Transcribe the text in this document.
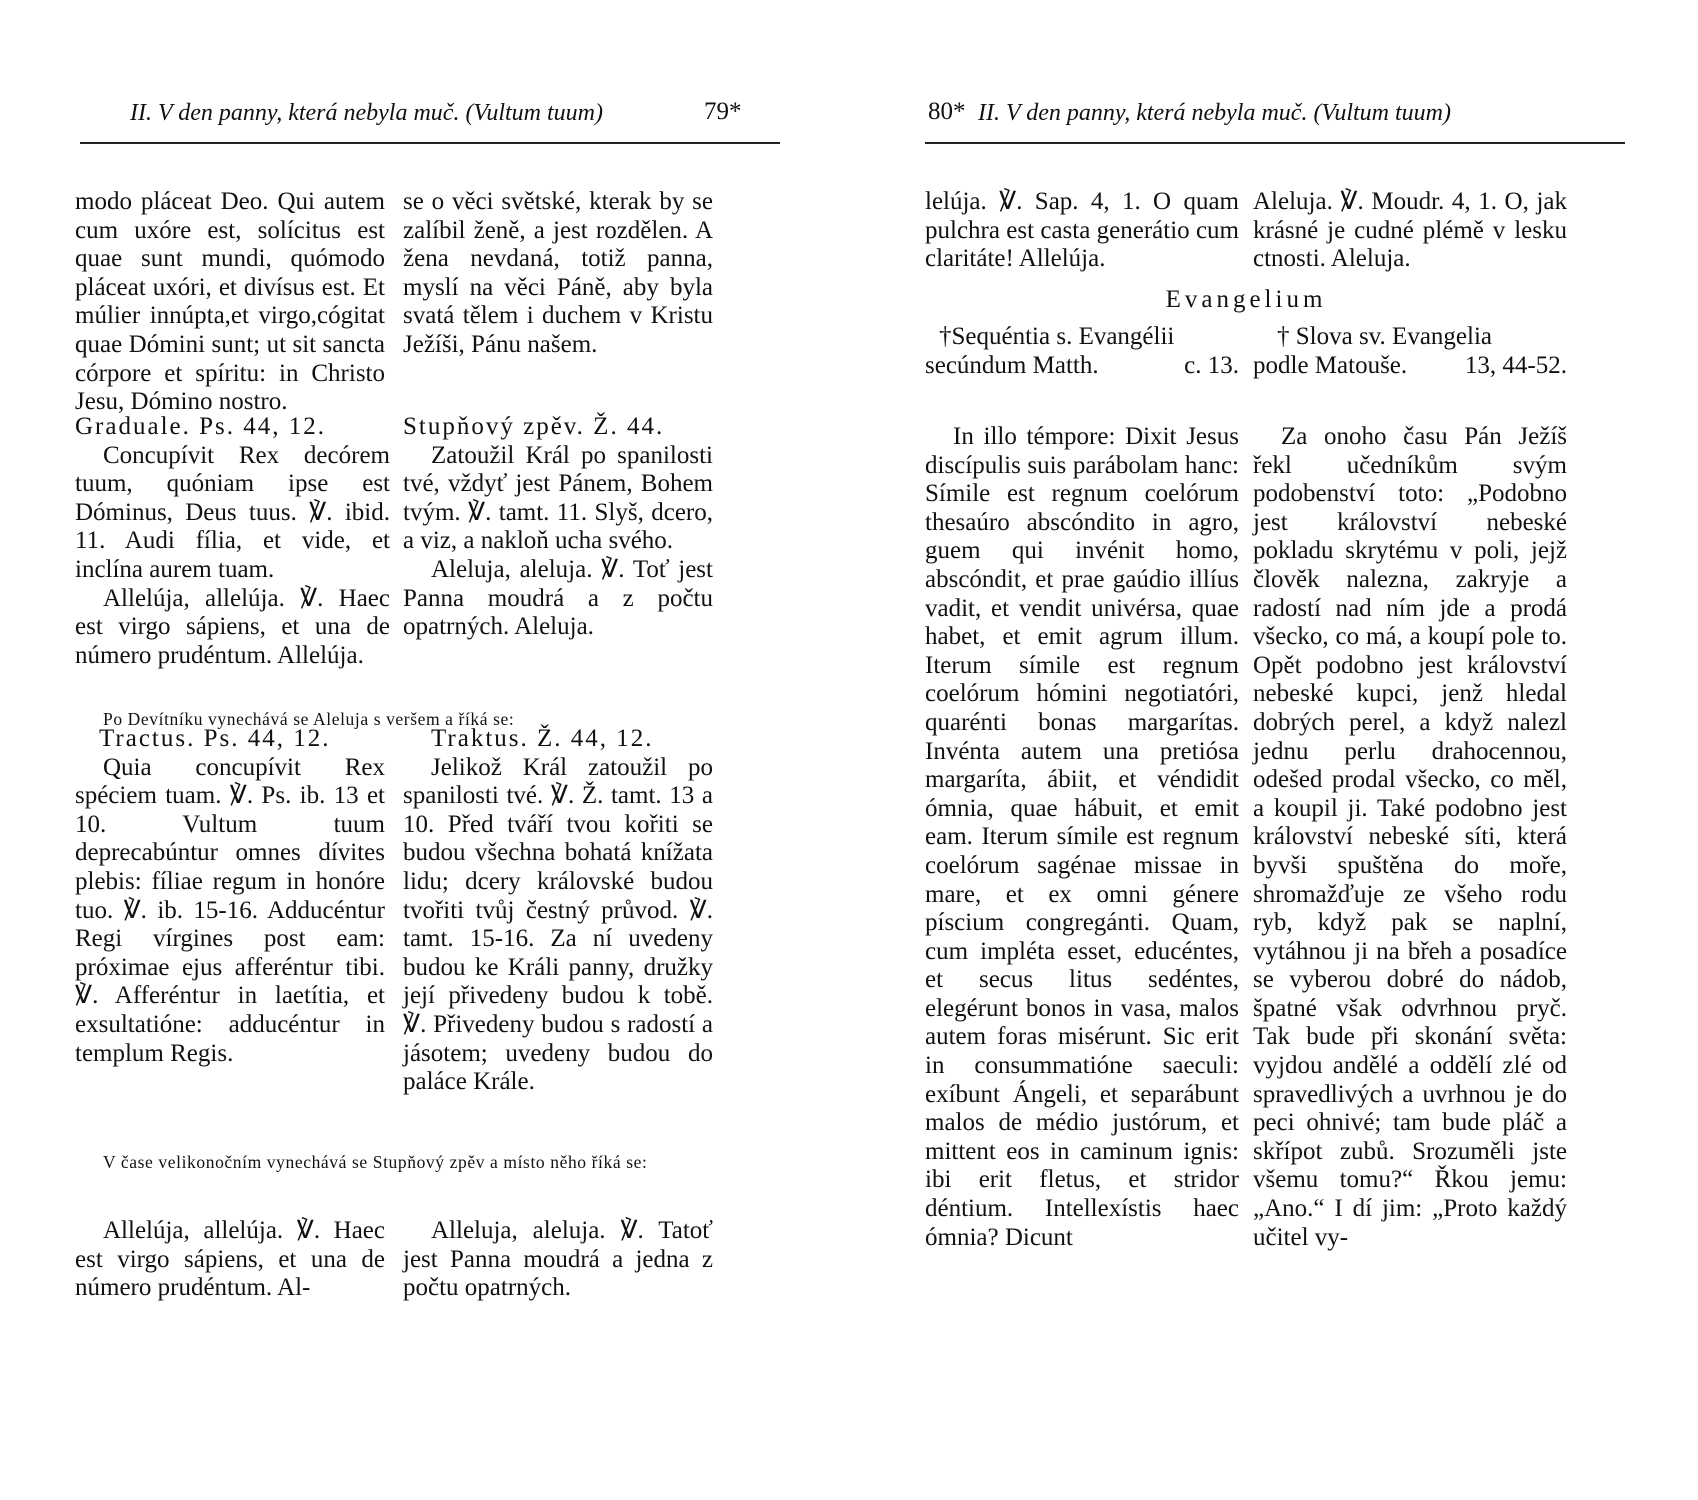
II. V den panny, která nebyla muč. (Vultum tuum)	79*

modo pláceat Deo. Qui autem cum uxóre est, solícitus est quae sunt mundi, quómodo pláceat uxóri, et divísus est. Et múlier innúpta,et virgo,cógitat quae Dómini sunt; ut sit sancta córpore et spíritu: in Christo Jesu, Dómino nostro.

se o věci světské, kterak by se zalíbil ženě, a jest rozdělen. A žena nevdaná, totiž panna, myslí na věci Páně, aby byla svatá tělem i duchem v Kristu Ježíši, Pánu našem.

Graduale. Ps. 44, 12.

Concupívit Rex decórem tuum, quóniam ipse est Dóminus, Deus tuus. ℣. ibid. 11. Audi fília, et vide, et inclína aurem tuam.

Allelúja, allelúja. ℣. Haec est virgo sápiens, et una de número prudéntum. Allelúja.

Stupňový zpěv. Ž. 44.

Zatoužil Král po spanilosti tvé, vždyť jest Pánem, Bohem tvým. ℣. tamt. 11. Slyš, dcero, a viz, a nakloň ucha svého.

Aleluja, aleluja. ℣. Toť jest Panna moudrá a z počtu opatrných. Aleluja.

Po Devítníku vynechává se Aleluja s veršem a říká se:

Tractus. Ps. 44, 12.

Quia concupívit Rex spéciem tuam. ℣. Ps. ib. 13 et 10. Vultum tuum deprecabúntur omnes dívites plebis: fíliae regum in honóre tuo. ℣. ib. 15-16. Adducéntur Regi vírgines post eam: próximae ejus afferéntur tibi. ℣. Afferéntur in laetítia, et exsultatióne: adducéntur in templum Regis.

Traktus. Ž. 44, 12.

Jelikož Král zatoužil po spanilosti tvé. ℣. Ž. tamt. 13 a 10. Před tváří tvou kořiti se budou všechna bohatá knížata lidu; dcery královské budou tvořiti tvůj čestný průvod. ℣. tamt. 15-16. Za ní uvedeny budou ke Králi panny, družky její přivedeny budou k tobě. ℣. Přivedeny budou s radostí a jásotem; uvedeny budou do paláce Krále.

V čase velikonočním vynechává se Stupňový zpěv a místo něho říká se:

Allelúja, allelúja. ℣. Haec est virgo sápiens, et una de número prudéntum. Al-

Alleluja, aleluja. ℣. Tatoť jest Panna moudrá a jedna z počtu opatrných.

80* II. V den panny, která nebyla muč. (Vultum tuum)

lelúja. ℣. Sap. 4, 1. O quam pulchra est casta generátio cum claritáte! Allelúja.

Aleluja. ℣. Moudr. 4, 1. O, jak krásné je cudné plémě v lesku ctnosti. Aleluja.

Evangelium
†Sequéntia s. Evangélii
secúndum Matth.	c. 13.
† Slova sv. Evangelia
podle Matouše. 13, 44-52.

In illo témpore: Dixit Jesus discípulis suis parábolam hanc: Símile est regnum coelórum thesaúro abscóndito in agro, guem qui invénit homo, abscóndit, et prae gaúdio illíus vadit, et vendit univérsa, quae habet, et emit agrum illum. Iterum símile est regnum coelórum hómini negotiatóri, quarénti bonas margarítas. Invénta autem una pretiósa margaríta, ábiit, et véndidit ómnia, quae hábuit, et emit eam. Iterum símile est regnum coelórum sagénae missae in mare, et ex omni génere píscium congregánti. Quam, cum impléta esset, educéntes, et secus litus sedéntes, elegérunt bonos in vasa, malos autem foras misérunt. Sic erit in consummatióne saeculi: exíbunt Ángeli, et separábunt malos de médio justórum, et mittent eos in caminum ignis: ibi erit fletus, et stridor déntium. Intellexístis haec ómnia? Dicunt

Za onoho času Pán Ježíš řekl učedníkům svým podobenství toto: „Podobno jest království nebeské pokladu skrytému v poli, jejž člověk nalezna, zakryje a radostí nad ním jde a prodá všecko, co má, a koupí pole to. Opět podobno jest království nebeské kupci, jenž hledal dobrých perel, a když nalezl jednu perlu drahocennou, odešed prodal všecko, co měl, a koupil ji. Také podobno jest království nebeské síti, která byvši spuštěna do moře, shromažďuje ze všeho rodu ryb, když pak se naplní, vytáhnou ji na břeh a posadíce se vyberou dobré do nádob, špatné však odvrhnou pryč. Tak bude při skonání světa: vyjdou andělé a oddělí zlé od spravedlivých a uvrhnou je do peci ohnivé; tam bude pláč a skřípot zubů. Srozuměli jste všemu tomu?“ Řkou jemu: „Ano.“ I dí jim: „Proto každý učitel vy-
